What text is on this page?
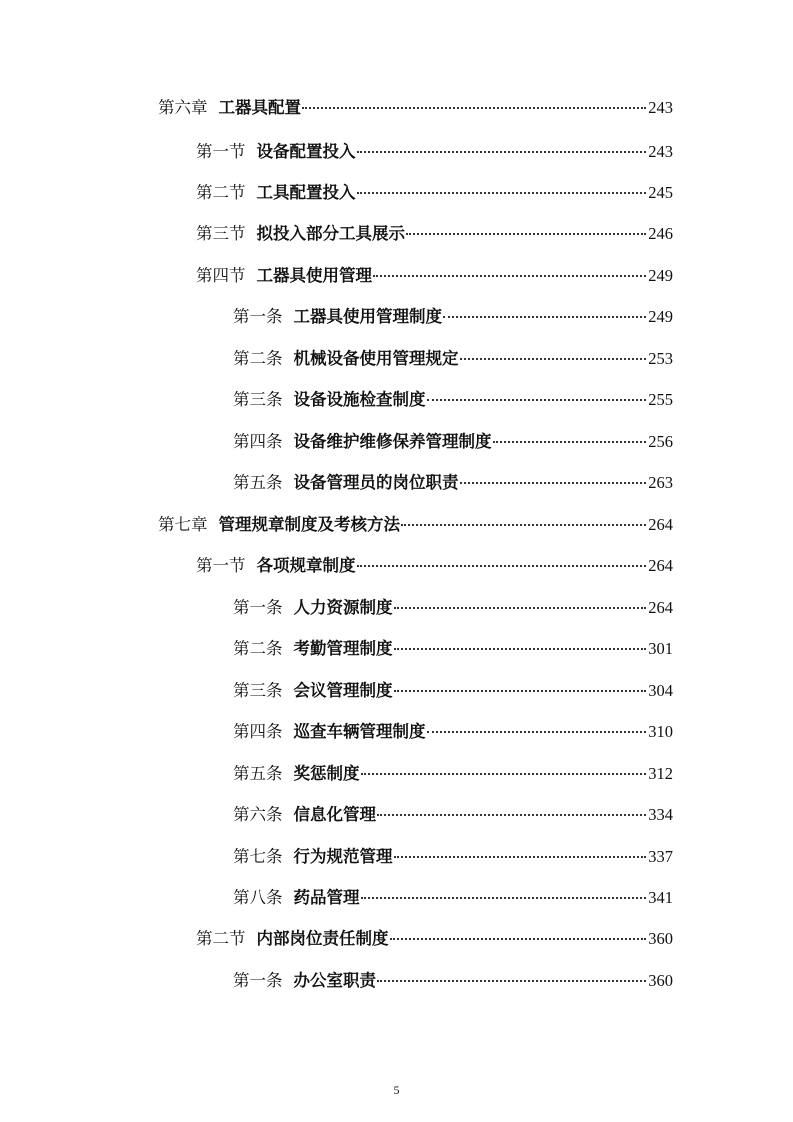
第六章 工器具配置	243
第一节 设备配置投入	243
第二节 工具配置投入	245
第三节 拟投入部分工具展示	246
第四节 工器具使用管理	249
第一条 工器具使用管理制度	249
第二条 机械设备使用管理规定	253
第三条 设备设施检查制度	255
第四条 设备维护维修保养管理制度	256
第五条 设备管理员的岗位职责	263
第七章 管理规章制度及考核方法	264
第一节 各项规章制度	264
第一条 人力资源制度	264
第二条 考勤管理制度	301
第三条 会议管理制度	304
第四条 巡查车辆管理制度	310
第五条 奖惩制度	312
第六条 信息化管理	334
第七条 行为规范管理	337
第八条 药品管理	341
第二节 内部岗位责任制度	360
第一条 办公室职责	360
5
